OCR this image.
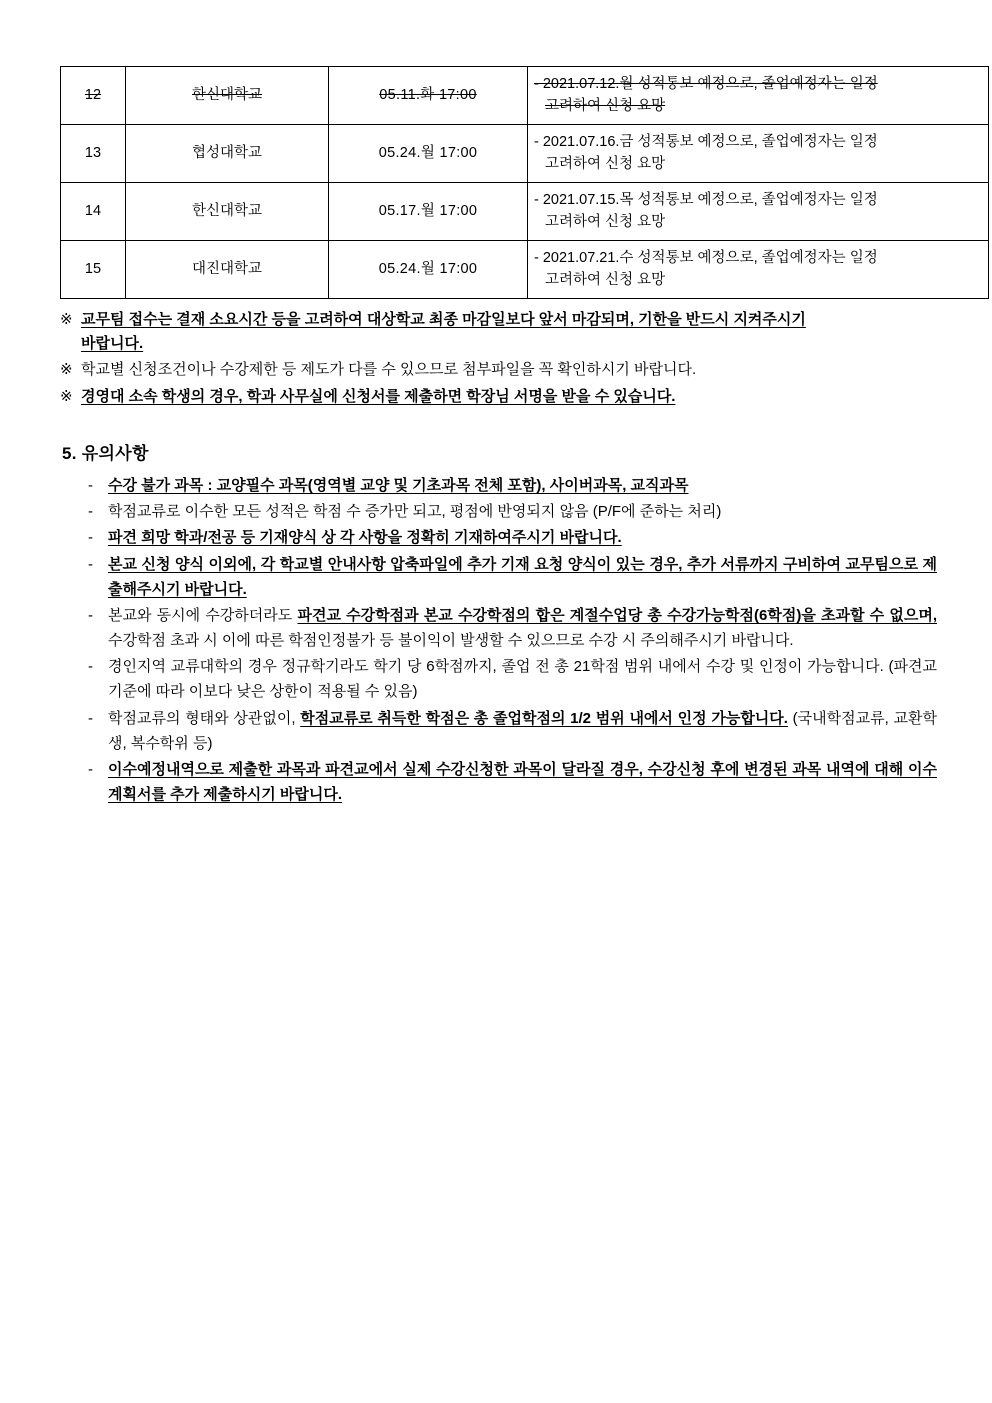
12	한신대학교	05.11.화 17:00	- 2021.07.12.월 성적통보 예정으로, 졸업예정자는 일정
고려하여 신청 요망

13	협성대학교	05.24.월 17:00	- 2021.07.16.금 성적통보 예정으로, 졸업예정자는 일정
고려하여 신청 요망

14	한신대학교	05.17.월 17:00	- 2021.07.15.목 성적통보 예정으로, 졸업예정자는 일정
고려하여 신청 요망

15	대진대학교	05.24.월 17:00	- 2021.07.21.수 성적통보 예정으로, 졸업예정자는 일정
고려하여 신청 요망
※ 교무팀 접수는 결재 소요시간 등을 고려하여 대상학교 최종 마감일보다 앞서 마감되며, 기한을 반드시 지켜주시기
바랍니다.
※ 학교별 신청조건이나 수강제한 등 제도가 다를 수 있으므로 첨부파일을 꼭 확인하시기 바랍니다.
※ 경영대 소속 학생의 경우, 학과 사무실에 신청서를 제출하면 학장님 서명을 받을 수 있습니다.
5. 유의사항
-	수강 불가 과목 : 교양필수 과목(영역별 교양 및 기초과목 전체 포함), 사이버과목, 교직과목
-	학점교류로 이수한 모든 성적은 학점 수 증가만 되고, 평점에 반영되지 않음 (P/F에 준하는 처리)
-	파견 희망 학과/전공 등 기재양식 상 각 사항을 정확히 기재하여주시기 바랍니다.
-	본교 신청 양식 이외에, 각 학교별 안내사항 압축파일에 추가 기재 요청 양식이 있는 경우, 추가 서류까지 구비하여 교무팀으로 제출해주시기 바랍니다.
-	본교와 동시에 수강하더라도 파견교 수강학점과 본교 수강학점의 합은 계절수업당 총 수강가능학점(6학점)을 초과할 수 없으며, 수강학점 초과 시 이에 따른 학점인정불가 등 불이익이 발생할 수 있으므로 수강 시 주의해주시기 바랍니다.
-	경인지역 교류대학의 경우 정규학기라도 학기 당 6학점까지, 졸업 전 총 21학점 범위 내에서 수강 및 인정이 가능합니다. (파견교 기준에 따라 이보다 낮은 상한이 적용될 수 있음)
-	학점교류의 형태와 상관없이, 학점교류로 취득한 학점은 총 졸업학점의 1/2 범위 내에서 인정 가능합니다. (국내학점교류, 교환학생, 복수학위 등)
-	이수예정내역으로 제출한 과목과 파견교에서 실제 수강신청한 과목이 달라질 경우, 수강신청 후에 변경된 과목 내역에 대해 이수계획서를 추가 제출하시기 바랍니다.
